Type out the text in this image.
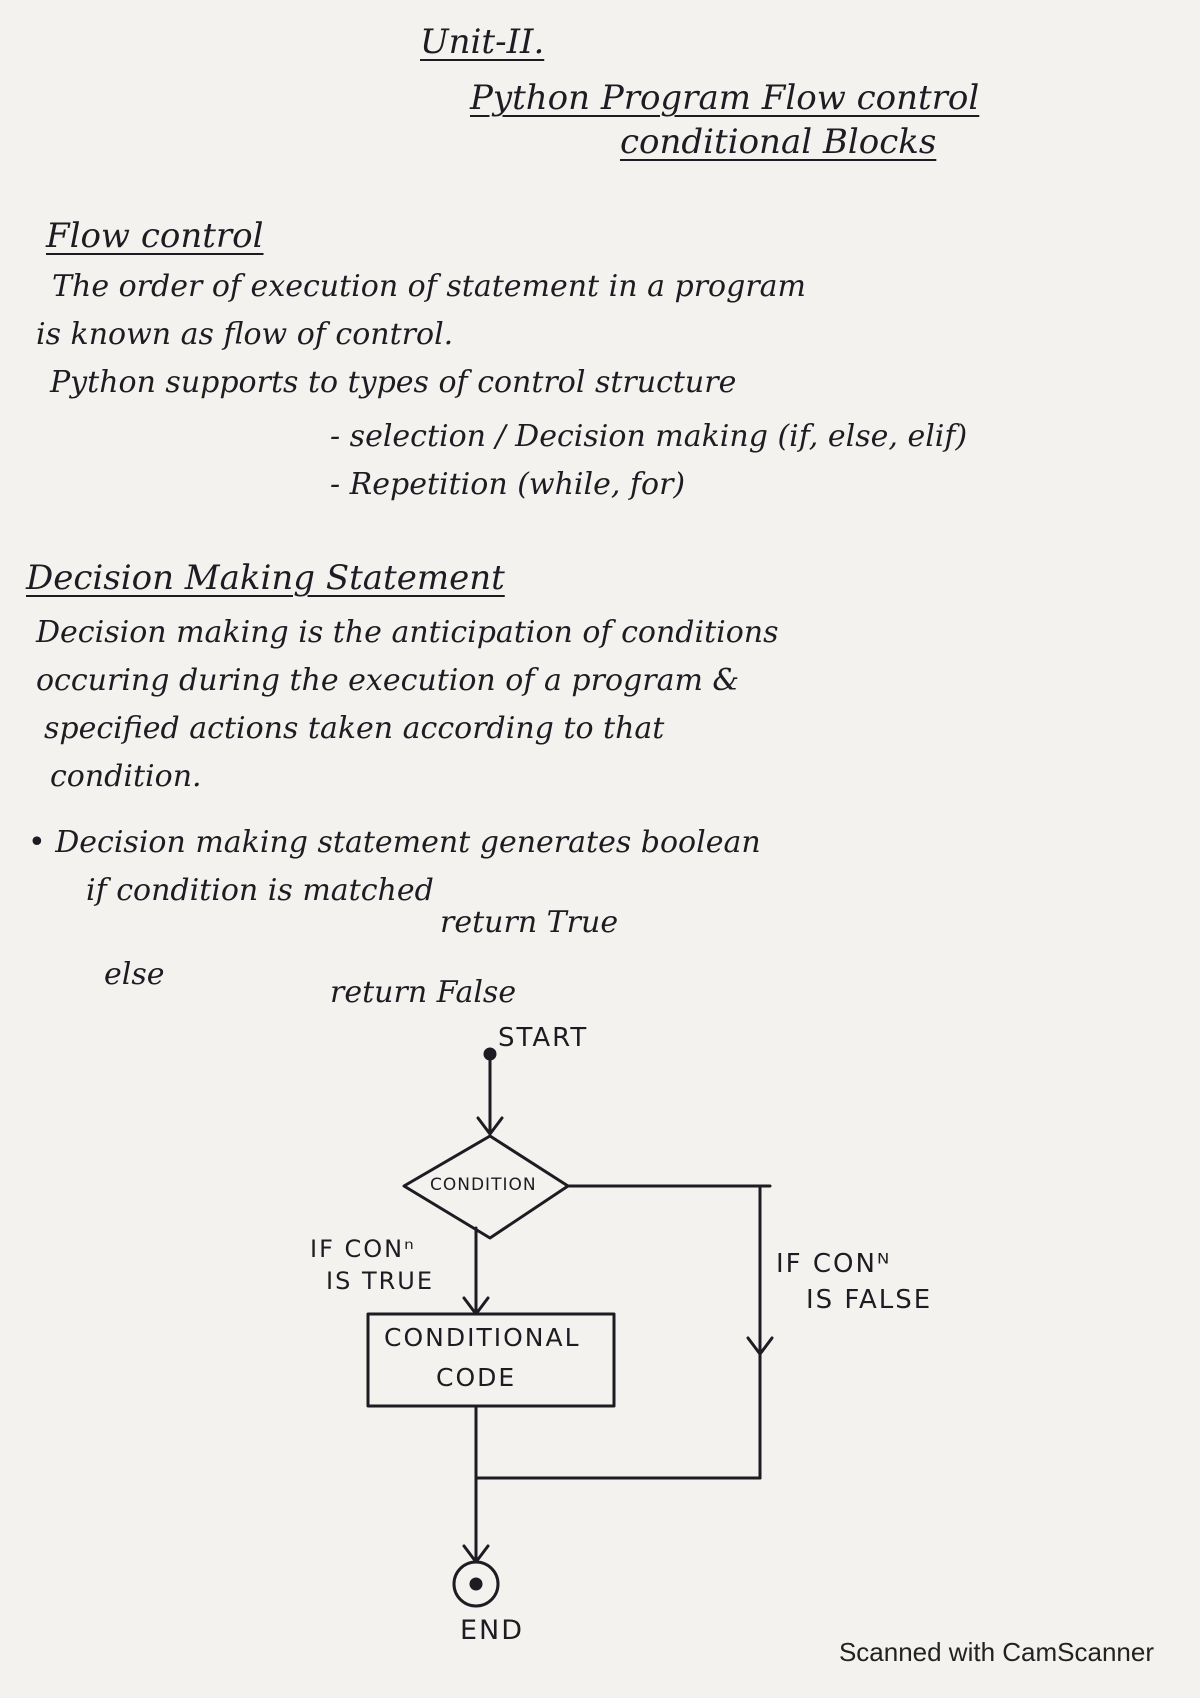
Unit-II.
Python Program Flow control
conditional Blocks
Flow control
The order of execution of statement in a program
is known as flow of control.
Python supports to types of control structure
- selection / Decision making (if, else, elif)
- Repetition (while, for)
Decision Making Statement
Decision making is the anticipation of conditions
occuring during the execution of a program &
specified actions taken according to that
condition.
• Decision making statement generates boolean
if condition is matched
return True
else
return False
START
CONDITION
IF CONⁿ
IS TRUE
IF CONᴺ
IS FALSE
CONDITIONAL
CODE
END
Scanned with CamScanner
